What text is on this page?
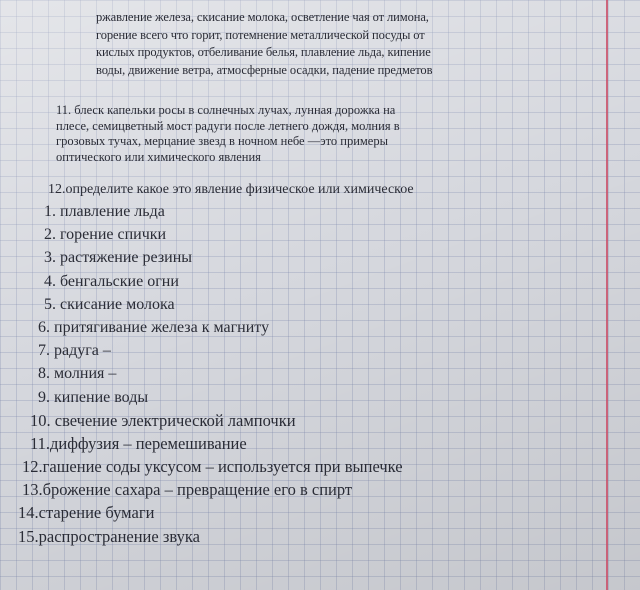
ржавление железа, скисание молока, осветление чая от лимона,
горение всего что горит, потемнение металлической посуды от
кислых продуктов, отбеливание белья, плавление льда, кипение
воды, движение ветра, атмосферные осадки, падение предметов
11. блеск капельки росы в солнечных лучах, лунная дорожка на
плесе, семицветный мост радуги после летнего дождя, молния в
грозовых тучах, мерцание звезд в ночном небе —это примеры
оптического или химического явления
12.определите какое это явление физическое или химическое
1. плавление льда
2. горение спички
3. растяжение резины
4. бенгальские огни
5. скисание молока
6. притягивание железа к магниту
7. радуга –
8. молния –
9. кипение воды
10. свечение электрической лампочки
11.диффузия – перемешивание
12.гашение соды уксусом – используется при выпечке
13.брожение сахара – превращение его в спирт
14.старение бумаги
15.распространение звука
